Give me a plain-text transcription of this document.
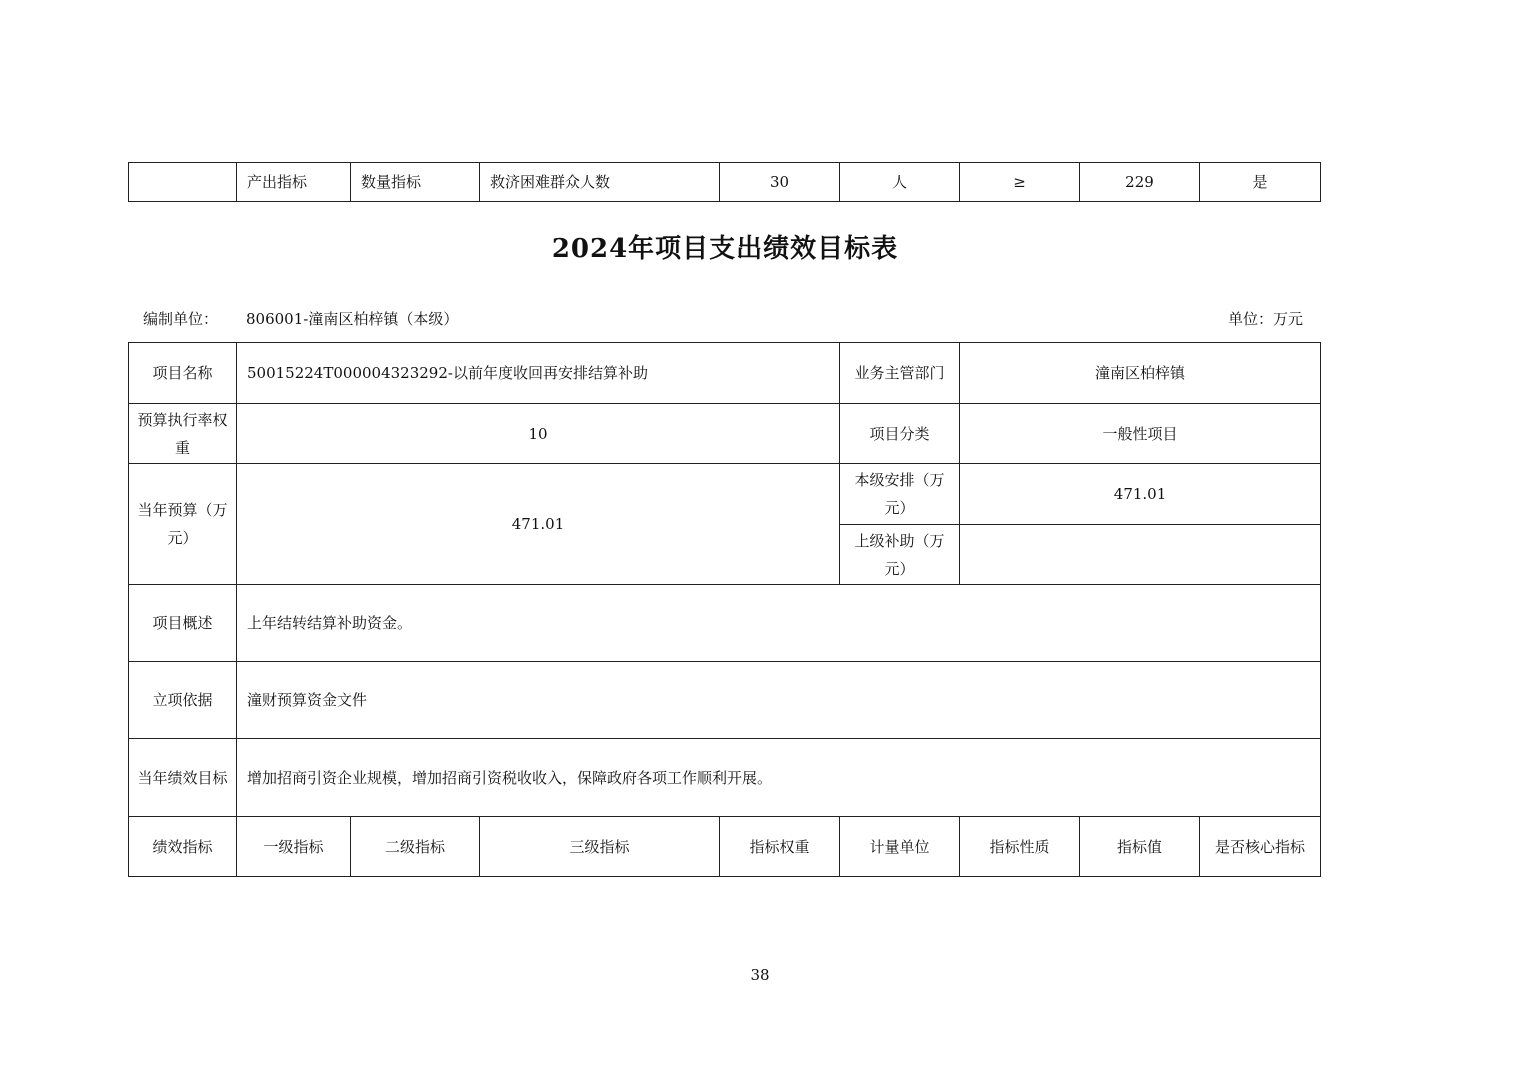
	产出指标	数量指标	救济困难群众人数	30	人	≥	229	是
2024年项目支出绩效目标表
编制单位： 806001-潼南区柏梓镇（本级）	单位：万元
项目名称	50015224T000004323292-以前年度收回再安排结算补助				业务主管部门	潼南区柏梓镇		
预算执行率权重	10				项目分类	一般性项目		
当年预算（万元）	471.01				本级安排（万元）	471.01		
					上级补助（万元）			
项目概述	上年结转结算补助资金。							
立项依据	潼财预算资金文件							
当年绩效目标	增加招商引资企业规模，增加招商引资税收收入，保障政府各项工作顺利开展。							
绩效指标	一级指标	二级指标	三级指标	指标权重	计量单位	指标性质	指标值	是否核心指标
38
